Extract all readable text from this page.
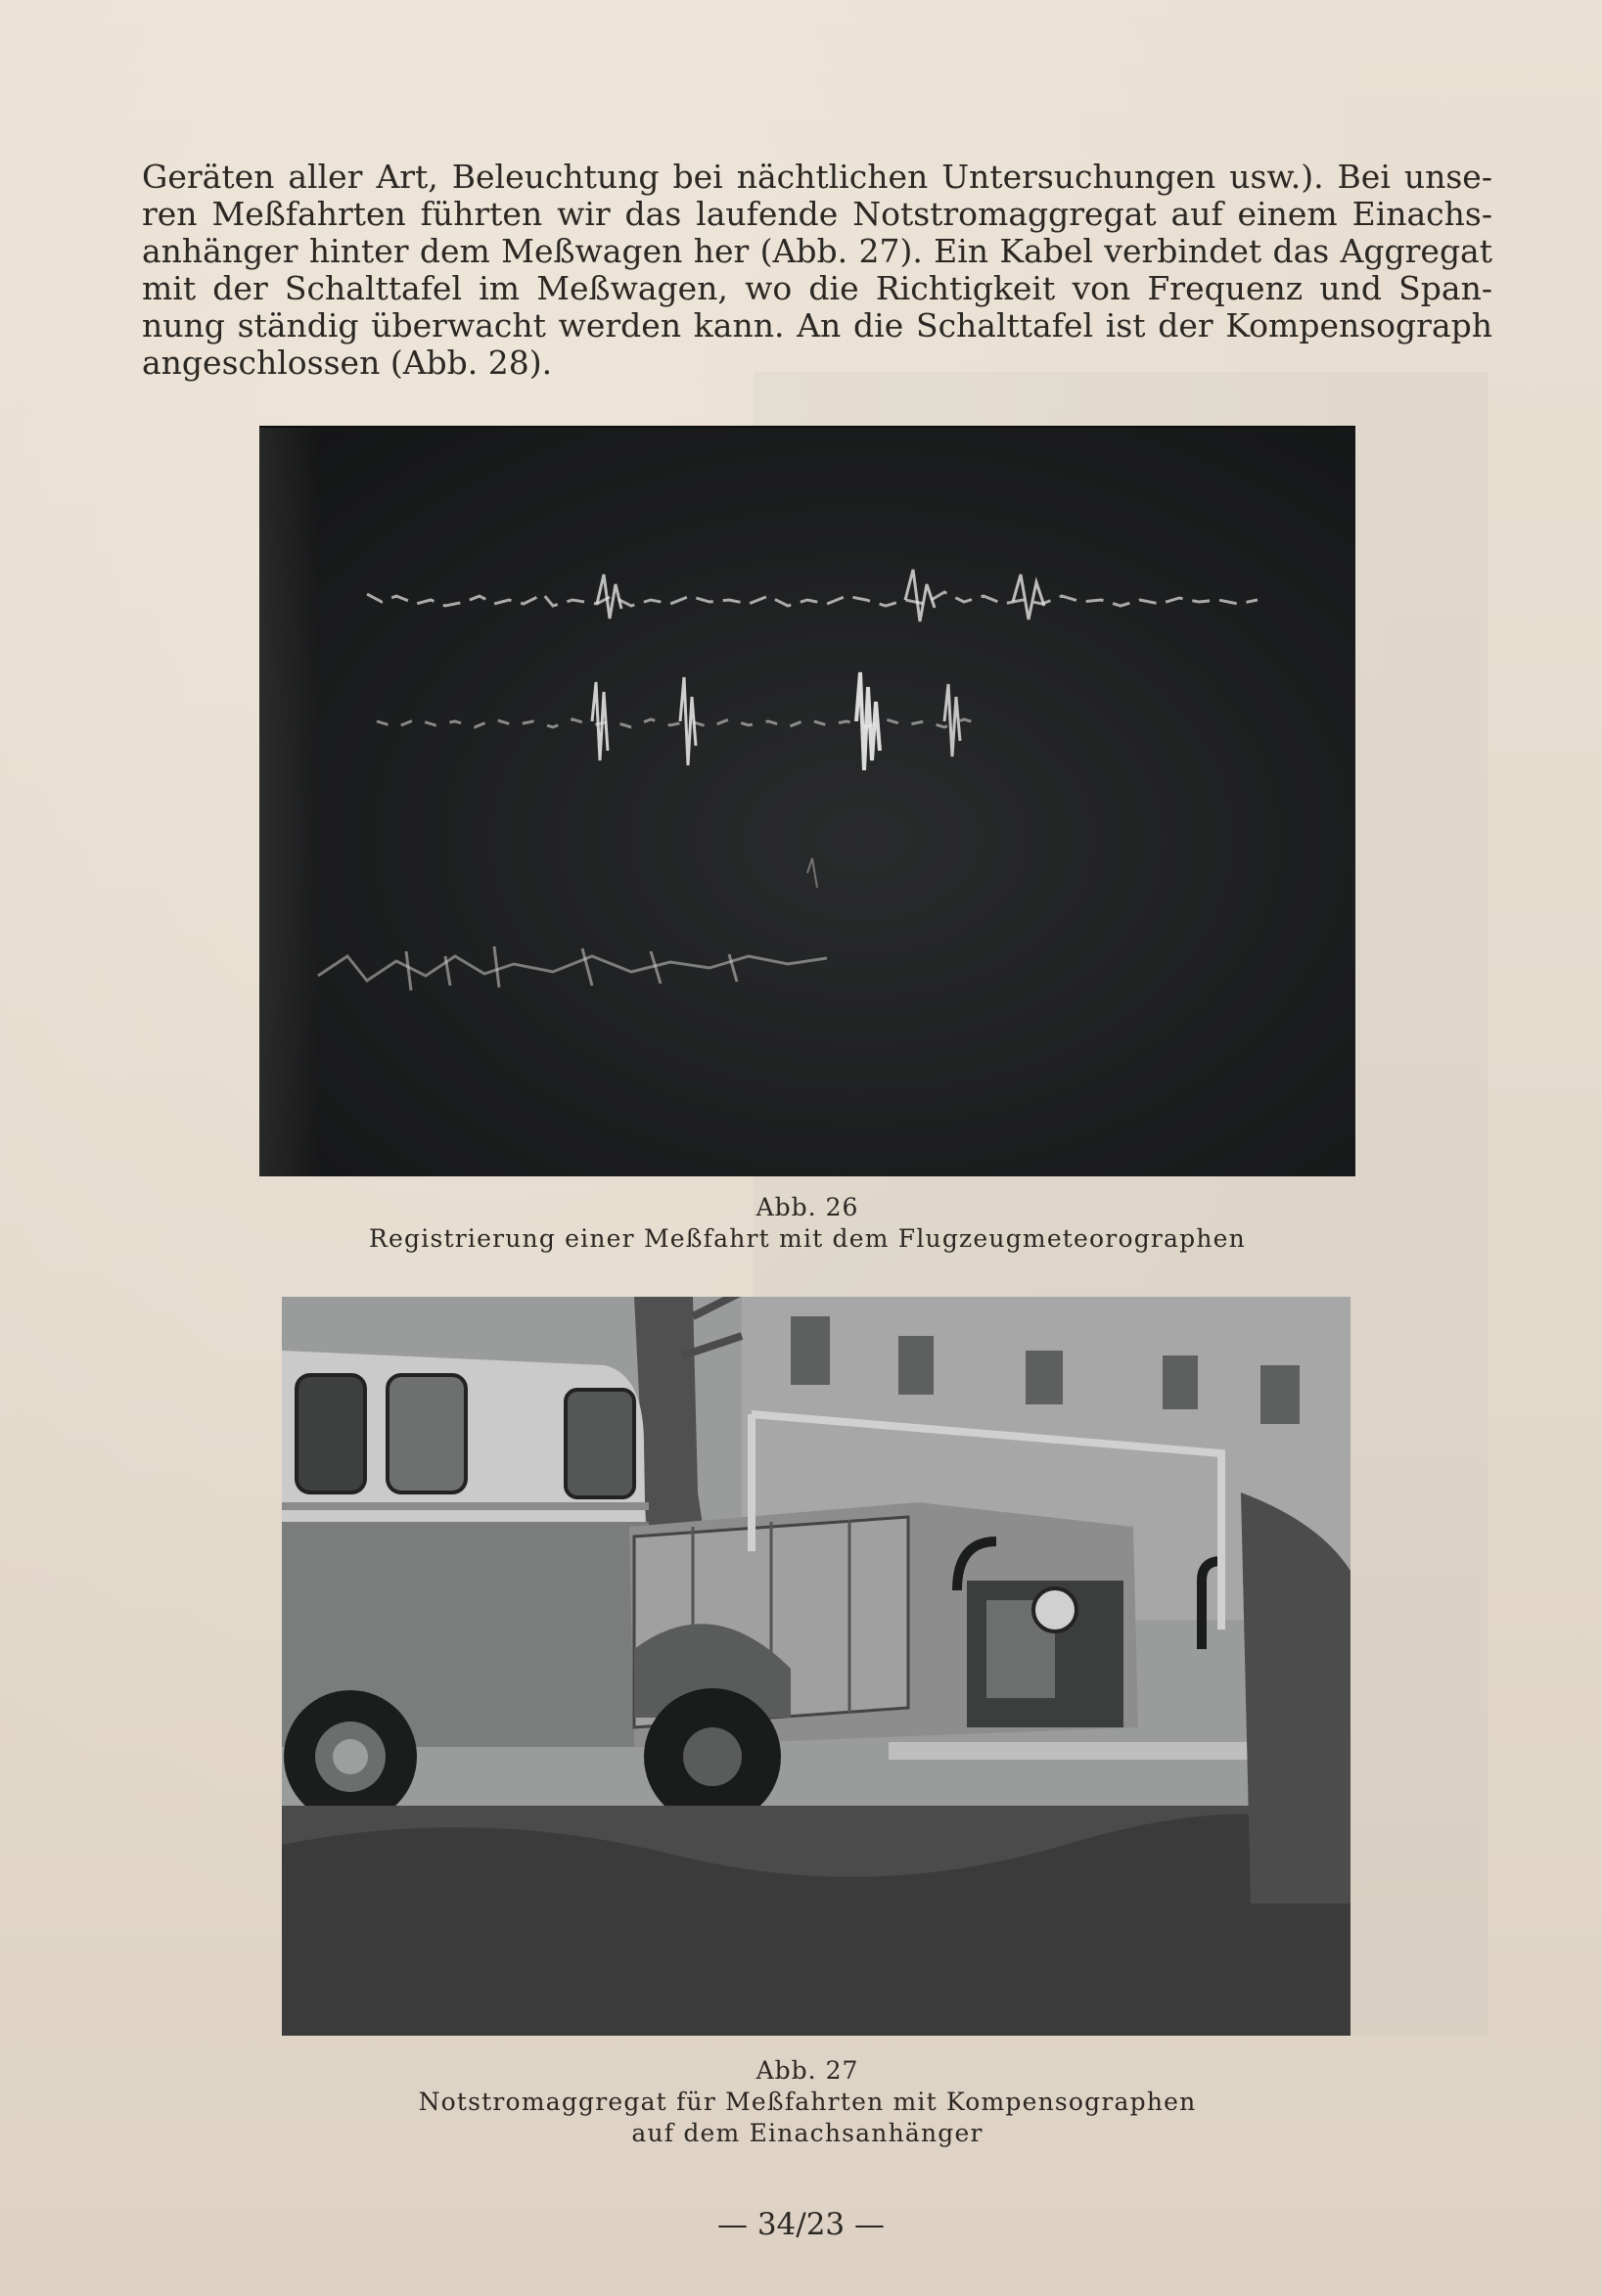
Geräten aller Art, Beleuchtung bei nächtlichen Untersuchungen usw.). Bei unse-
ren Meßfahrten führten wir das laufende Notstromaggregat auf einem Einachs-
anhänger hinter dem Meßwagen her (Abb. 27). Ein Kabel verbindet das Aggregat
mit der Schalttafel im Meßwagen, wo die Richtigkeit von Frequenz und Span-
nung ständig überwacht werden kann. An die Schalttafel ist der Kompensograph
angeschlossen (Abb. 28).
Abb. 26
Registrierung einer Meßfahrt mit dem Flugzeugmeteorographen
Abb. 27
Notstromaggregat für Meßfahrten mit Kompensographen
auf dem Einachsanhänger
— 34/23 —
